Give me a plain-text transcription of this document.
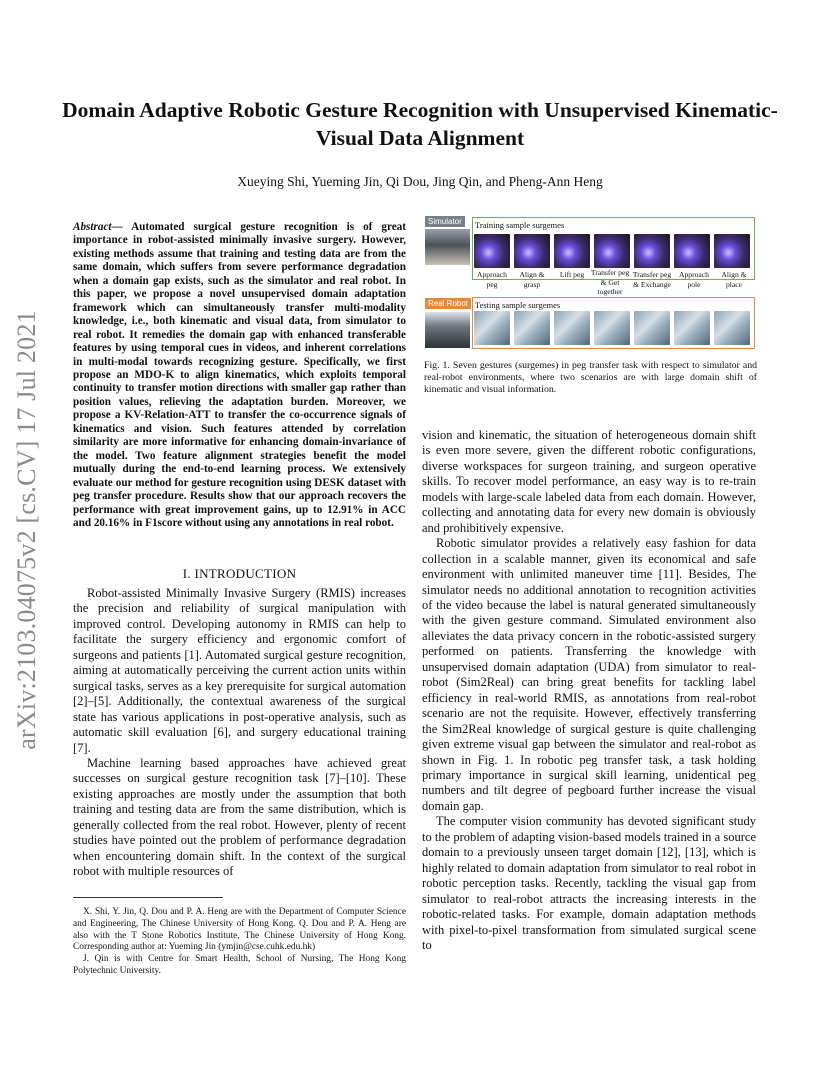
arXiv:2103.04075v2 [cs.CV] 17 Jul 2021
Domain Adaptive Robotic Gesture Recognition with Unsupervised Kinematic-Visual Data Alignment
Xueying Shi, Yueming Jin, Qi Dou, Jing Qin, and Pheng-Ann Heng
Abstract— Automated surgical gesture recognition is of great importance in robot-assisted minimally invasive surgery. However, existing methods assume that training and testing data are from the same domain, which suffers from severe performance degradation when a domain gap exists, such as the simulator and real robot. In this paper, we propose a novel unsupervised domain adaptation framework which can simultaneously transfer multi-modality knowledge, i.e., both kinematic and visual data, from simulator to real robot. It remedies the domain gap with enhanced transferable features by using temporal cues in videos, and inherent correlations in multi-modal towards recognizing gesture. Specifically, we first propose an MDO-K to align kinematics, which exploits temporal continuity to transfer motion directions with smaller gap rather than position values, relieving the adaptation burden. Moreover, we propose a KV-Relation-ATT to transfer the co-occurrence signals of kinematics and vision. Such features attended by correlation similarity are more informative for enhancing domain-invariance of the model. Two feature alignment strategies benefit the model mutually during the end-to-end learning process. We extensively evaluate our method for gesture recognition using DESK dataset with peg transfer procedure. Results show that our approach recovers the performance with great improvement gains, up to 12.91% in ACC and 20.16% in F1score without using any annotations in real robot.
I. INTRODUCTION

Robot-assisted Minimally Invasive Surgery (RMIS) increases the precision and reliability of surgical manipulation with improved control. Developing autonomy in RMIS can help to facilitate the surgery efficiency and ergonomic comfort of surgeons and patients [1]. Automated surgical gesture recognition, aiming at automatically perceiving the current action units within surgical tasks, serves as a key prerequisite for surgical automation [2]–[5]. Additionally, the contextual awareness of the surgical state has various applications in post-operative analysis, such as automatic skill evaluation [6], and surgery educational training [7].

Machine learning based approaches have achieved great successes on surgical gesture recognition task [7]–[10]. These existing approaches are mostly under the assumption that both training and testing data are from the same distribution, which is generally collected from the real robot. However, plenty of recent studies have pointed out the problem of performance degradation when encountering domain shift. In the context of the surgical robot with multiple resources of

X. Shi, Y. Jin, Q. Dou and P. A. Heng are with the Department of Computer Science and Engineering, The Chinese University of Hong Kong. Q. Dou and P. A. Heng are also with the T Stone Robotics Institute, The Chinese University of Hong Kong. Corresponding author at: Yueming Jin (ymjin@cse.cuhk.edu.hk)

J. Qin is with Centre for Smart Health, School of Nursing, The Hong Kong Polytechnic University.

Simulator
Real Robot
Training sample surgemes
Testing sample surgemes
Approach peg
Align & grasp
Lift peg Transfer peg & Get together
Transfer peg & Exchange
Approach pole
Align & place
Fig. 1. Seven gestures (surgemes) in peg transfer task with respect to simulator and real-robot environments, where two scenarios are with large domain shift of kinematic and visual information.

vision and kinematic, the situation of heterogeneous domain shift is even more severe, given the different robotic configurations, diverse workspaces for surgeon training, and surgeon operative skills. To recover model performance, an easy way is to re-train models with large-scale labeled data from each domain. However, collecting and annotating data for every new domain is obviously and prohibitively expensive.

Robotic simulator provides a relatively easy fashion for data collection in a scalable manner, given its economical and safe environment with unlimited maneuver time [11]. Besides, The simulator needs no additional annotation to recognition activities of the video because the label is natural generated simultaneously with the given gesture command. Simulated environment also alleviates the data privacy concern in the robotic-assisted surgery performed on patients. Transferring the knowledge with unsupervised domain adaptation (UDA) from simulator to real-robot (Sim2Real) can bring great benefits for tackling label efficiency in real-world RMIS, as annotations from real-robot scenario are not the requisite. However, effectively transferring the Sim2Real knowledge of surgical gesture is quite challenging given extreme visual gap between the simulator and real-robot as shown in Fig. 1. In robotic peg transfer task, a task holding primary importance in surgical skill learning, unidentical peg numbers and tilt degree of pegboard further increase the visual domain gap.

The computer vision community has devoted significant study to the problem of adapting vision-based models trained in a source domain to a previously unseen target domain [12], [13], which is highly related to domain adaptation from simulator to real robot in robotic perception tasks. Recently, tackling the visual gap from simulator to real-robot attracts the increasing interests in the robotic-related tasks. For example, domain adaptation methods with pixel-to-pixel transformation from simulated surgical scene to
